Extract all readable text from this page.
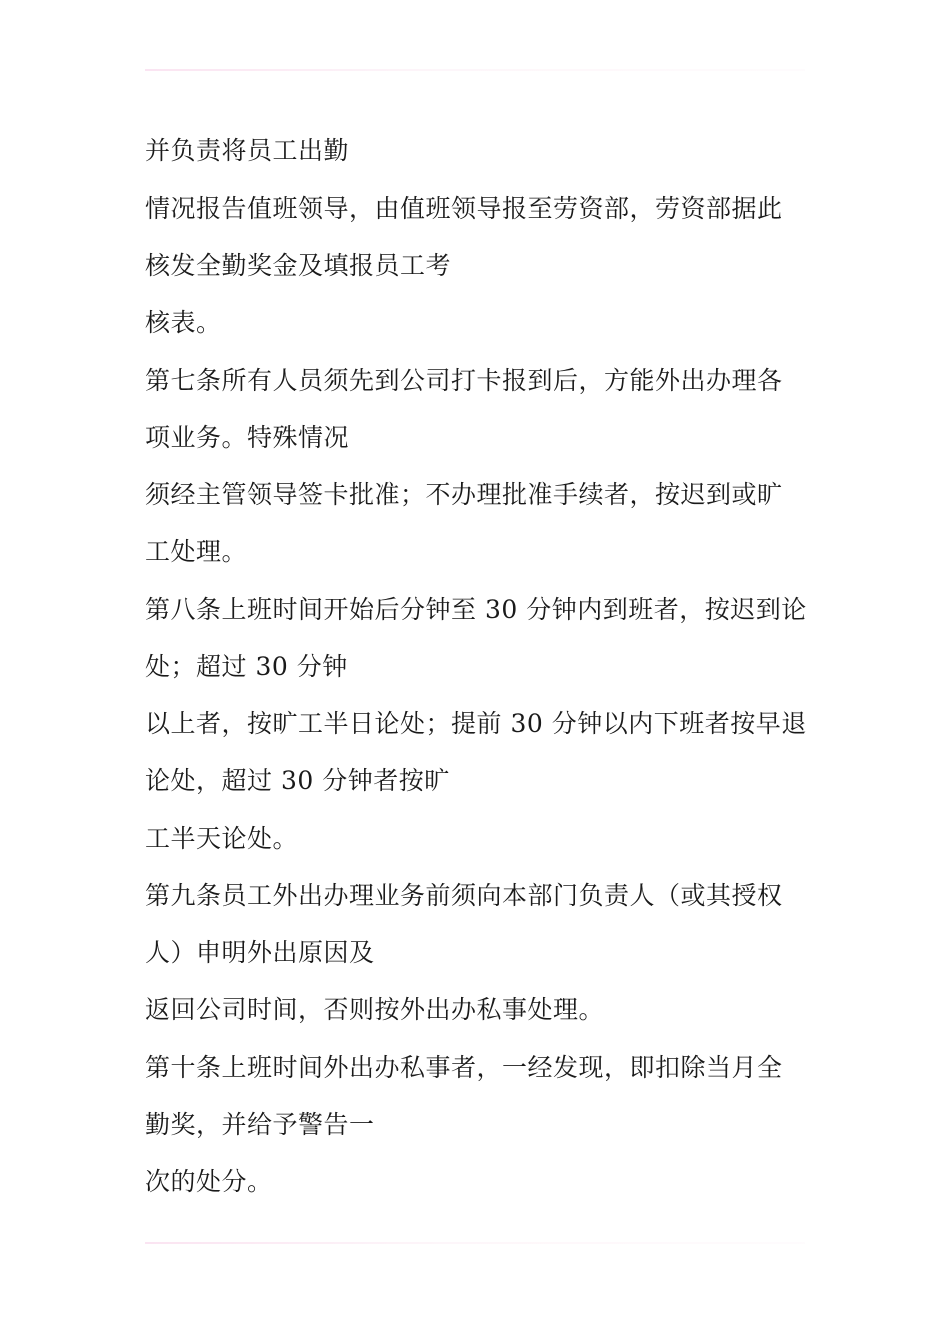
并负责将员工出勤
情况报告值班领导，由值班领导报至劳资部，劳资部据此
核发全勤奖金及填报员工考
核表。
第七条所有人员须先到公司打卡报到后，方能外出办理各
项业务。特殊情况
须经主管领导签卡批准；不办理批准手续者，按迟到或旷
工处理。
第八条上班时间开始后分钟至 30 分钟内到班者，按迟到论
处；超过 30 分钟
以上者，按旷工半日论处；提前 30 分钟以内下班者按早退
论处，超过 30 分钟者按旷
工半天论处。
第九条员工外出办理业务前须向本部门负责人（或其授权
人）申明外出原因及
返回公司时间，否则按外出办私事处理。
第十条上班时间外出办私事者，一经发现，即扣除当月全
勤奖，并给予警告一
次的处分。
